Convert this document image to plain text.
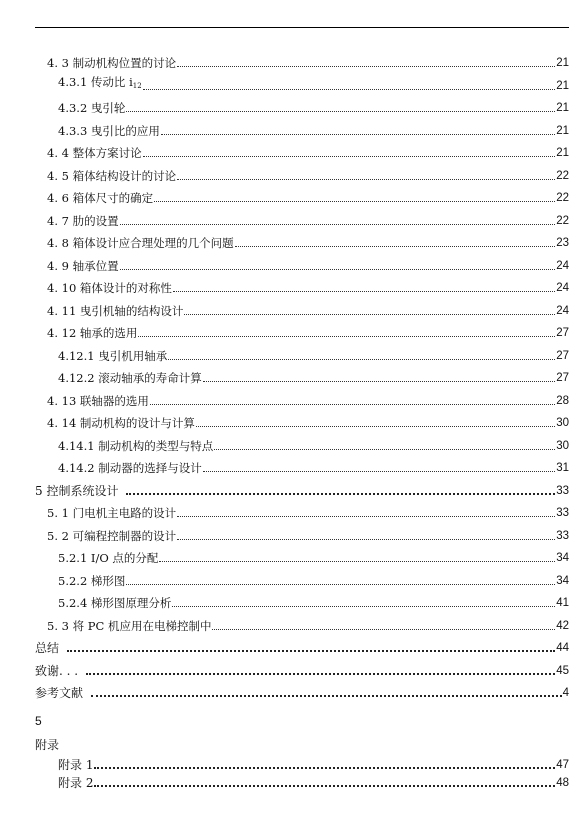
4. 3 制动机构位置的讨论	21
4.3.1 传动比 $i_{12}$	21
4.3.2 曳引轮	21
4.3.3 曳引比的应用	21
4. 4 整体方案讨论	21
4. 5 箱体结构设计的讨论	22
4. 6 箱体尺寸的确定	22
4. 7 肋的设置	22
4. 8 箱体设计应合理处理的几个问题	23
4. 9 轴承位置	24
4. 10 箱体设计的对称性	24
4. 11 曳引机轴的结构设计	24
4. 12 轴承的选用	27
4.12.1 曳引机用轴承	27
4.12.2 滚动轴承的寿命计算	27
4. 13 联轴器的选用	28
4. 14 制动机构的设计与计算	30
4.14.1 制动机构的类型与特点	30
4.14.2 制动器的选择与设计	31
5 控制系统设计	33
5. 1 门电机主电路的设计	33
5. 2 可编程控制器的设计	33
5.2.1 I/O 点的分配	34
5.2.2 梯形图	34
5.2.4 梯形图原理分析	41
5. 3 将 PC 机应用在电梯控制中	42
总结	44
致谢. . .	45
参考文献	4
5
附录
附录 1	47
附录 2	48
